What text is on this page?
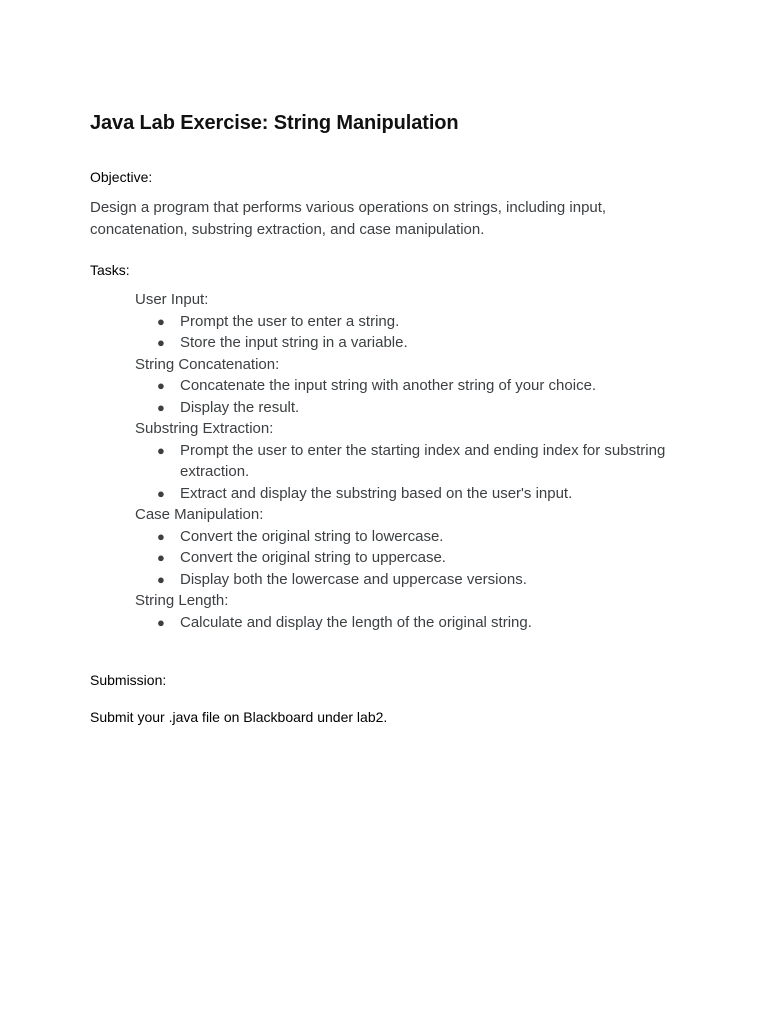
Java Lab Exercise: String Manipulation

Objective:

Design a program that performs various operations on strings, including input, concatenation, substring extraction, and case manipulation.

Tasks:

User Input:

● Prompt the user to enter a string.
● Store the input string in a variable.

String Concatenation:

● Concatenate the input string with another string of your choice.
● Display the result.

Substring Extraction:

● Prompt the user to enter the starting index and ending index for substring extraction.
● Extract and display the substring based on the user's input.

Case Manipulation:

● Convert the original string to lowercase.
● Convert the original string to uppercase.
● Display both the lowercase and uppercase versions.

String Length:

● Calculate and display the length of the original string.

Submission:

Submit your .java file on Blackboard under lab2.
